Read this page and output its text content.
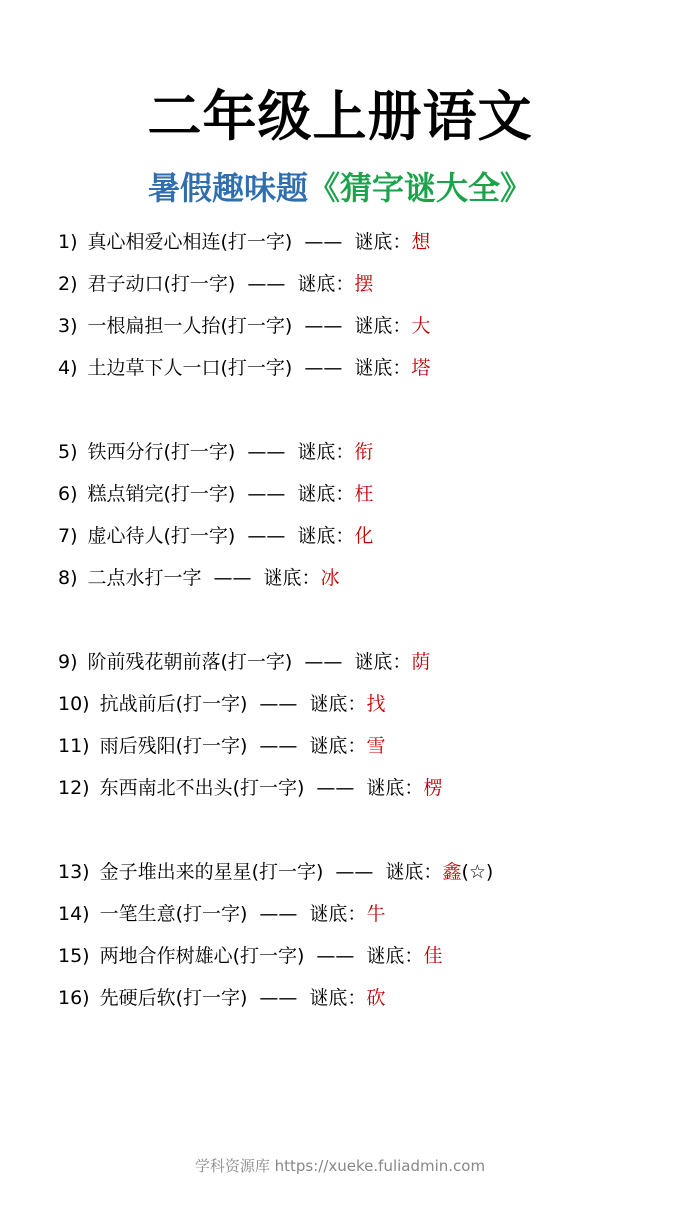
二年级上册语文
暑假趣味题《猜字谜大全》
1) 真心相爱心相连(打一字) —— 谜底：想
2) 君子动口(打一字) —— 谜底：摆
3) 一根扁担一人抬(打一字) —— 谜底：大
4) 土边草下人一口(打一字) —— 谜底：塔
5) 铁西分行(打一字) —— 谜底：衔
6) 糕点销完(打一字) —— 谜底：枉
7) 虚心待人(打一字) —— 谜底：化
8) 二点水打一字 —— 谜底：冰
9) 阶前残花朝前落(打一字) —— 谜底：荫
10) 抗战前后(打一字) —— 谜底：找
11) 雨后残阳(打一字) —— 谜底：雪
12) 东西南北不出头(打一字) —— 谜底：楞
13) 金子堆出来的星星(打一字) —— 谜底：鑫(☆)
14) 一笔生意(打一字) —— 谜底：牛
15) 两地合作树雄心(打一字) —— 谜底：佳
16) 先硬后软(打一字) —— 谜底：砍
学科资源库 https://xueke.fuliadmin.com
